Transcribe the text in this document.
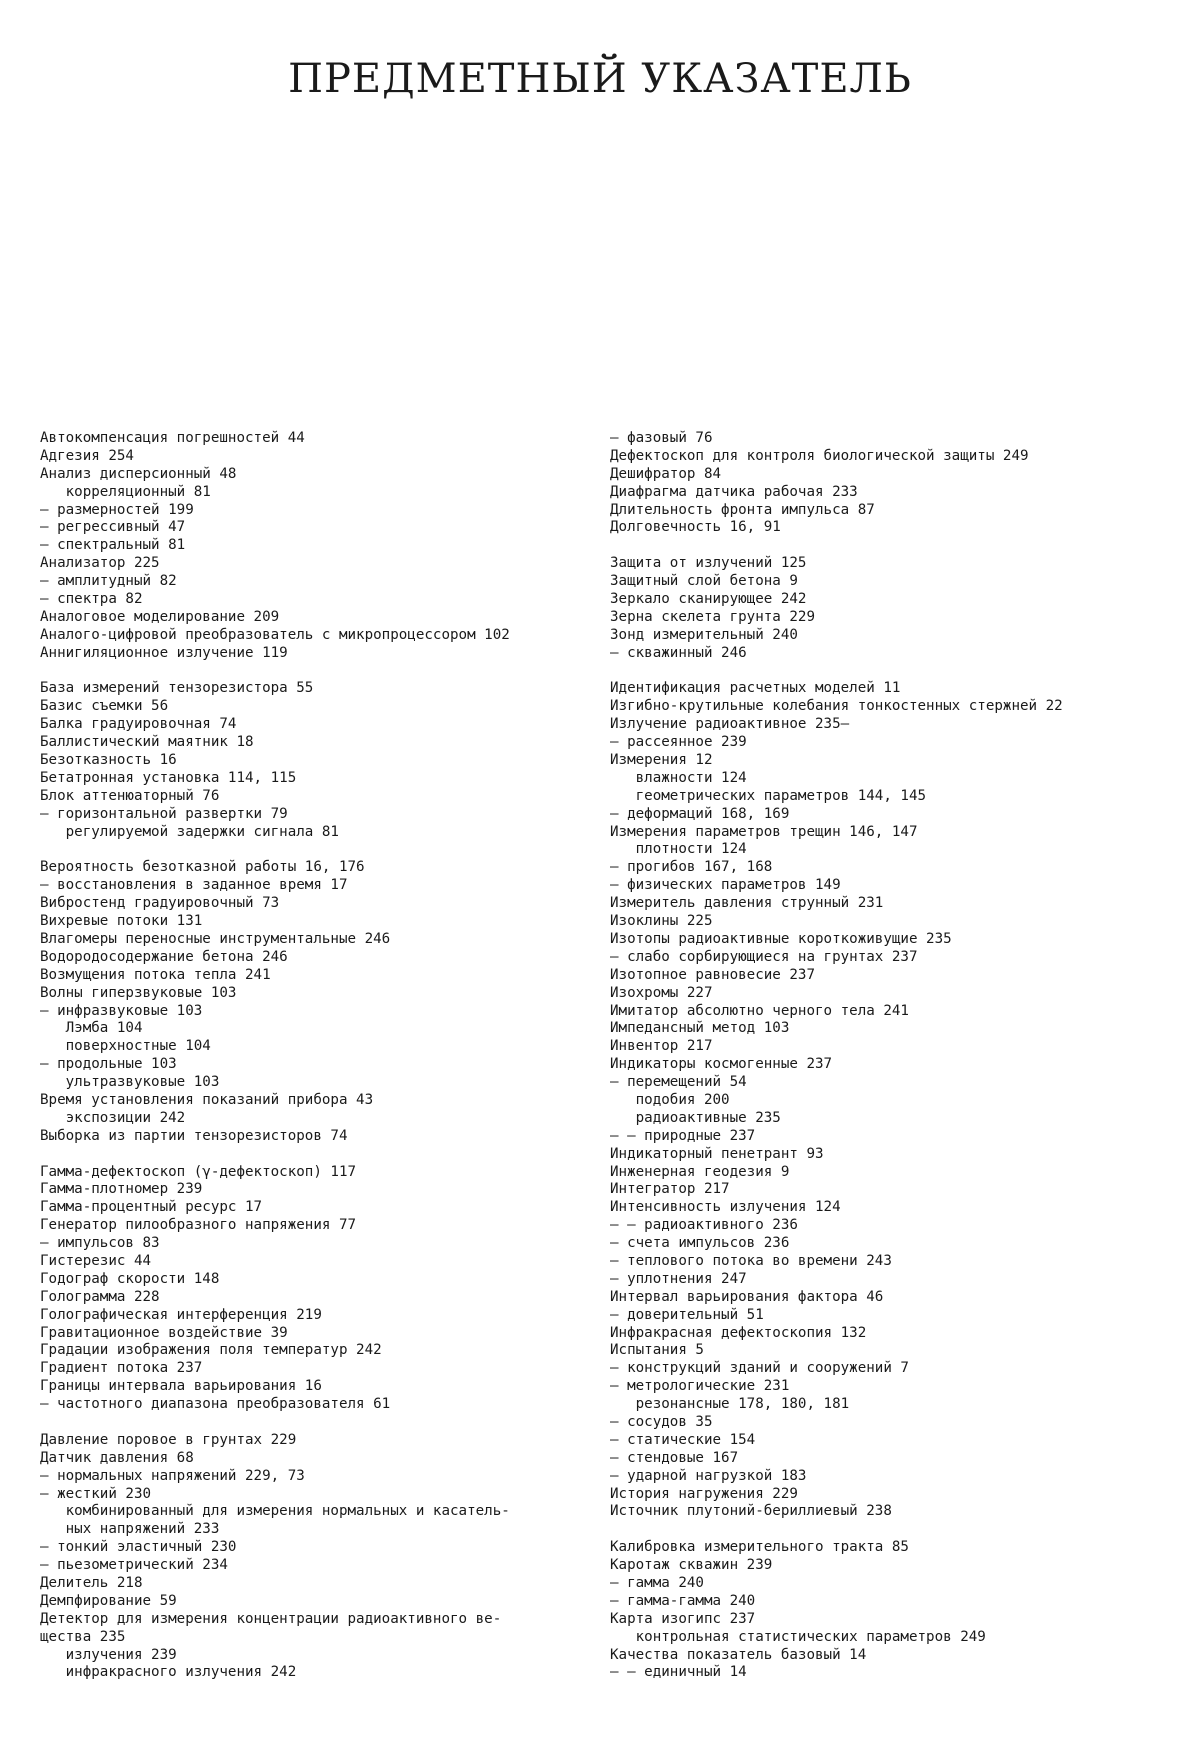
ПРЕДМЕТНЫЙ УКАЗАТЕЛЬ
Автокомпенсация погрешностей 44
Адгезия 254
Анализ дисперсионный 48
корреляционный 81
— размерностей 199
— регрессивный 47
— спектральный 81
Анализатор 225
— амплитудный 82
— спектра 82
Аналоговое моделирование 209
Аналого-цифровой преобразователь с микропроцессором 102
Аннигиляционное излучение 119
База измерений тензорезистора 55
Базис съемки 56
Балка градуировочная 74
Баллистический маятник 18
Безотказность 16
Бетатронная установка 114, 115
Блок аттенюаторный 76
— горизонтальной развертки 79
регулируемой задержки сигнала 81
Вероятность безотказной работы 16, 176
— восстановления в заданное время 17
Вибростенд градуировочный 73
Вихревые потоки 131
Влагомеры переносные инструментальные 246
Водородосодержание бетона 246
Возмущения потока тепла 241
Волны гиперзвуковые 103
— инфразвуковые 103
Лэмба 104
поверхностные 104
— продольные 103
ультразвуковые 103
Время установления показаний прибора 43
экспозиции 242
Выборка из партии тензорезисторов 74
Гамма-дефектоскоп (γ-дефектоскоп) 117
Гамма-плотномер 239
Гамма-процентный ресурс 17
Генератор пилообразного напряжения 77
— импульсов 83
Гистерезис 44
Годограф скорости 148
Голограмма 228
Голографическая интерференция 219
Гравитационное воздействие 39
Градации изображения поля температур 242
Градиент потока 237
Границы интервала варьирования 16
— частотного диапазона преобразователя 61
Давление поровое в грунтах 229
Датчик давления 68
— нормальных напряжений 229, 73
— жесткий 230
комбинированный для измерения нормальных и касатель-
ных напряжений 233
— тонкий эластичный 230
— пьезометрический 234
Делитель 218
Демпфирование 59
Детектор для измерения концентрации радиоактивного ве-
щества 235
излучения 239
инфракрасного излучения 242
— фазовый 76
Дефектоскоп для контроля биологической защиты 249
Дешифратор 84
Диафрагма датчика рабочая 233
Длительность фронта импульса 87
Долговечность 16, 91
Защита от излучений 125
Защитный слой бетона 9
Зеркало сканирующее 242
Зерна скелета грунта 229
Зонд измерительный 240
— скважинный 246
Идентификация расчетных моделей 11
Изгибно-крутильные колебания тонкостенных стержней 22
Излучение радиоактивное 235—
— рассеянное 239
Измерения 12
влажности 124
геометрических параметров 144, 145
— деформаций 168, 169
Измерения параметров трещин 146, 147
плотности 124
— прогибов 167, 168
— физических параметров 149
Измеритель давления струнный 231
Изоклины 225
Изотопы радиоактивные короткоживущие 235
— слабо сорбирующиеся на грунтах 237
Изотопное равновесие 237
Изохромы 227
Имитатор абсолютно черного тела 241
Импедансный метод 103
Инвентор 217
Индикаторы космогенные 237
— перемещений 54
подобия 200
радиоактивные 235
— — природные 237
Индикаторный пенетрант 93
Инженерная геодезия 9
Интегратор 217
Интенсивность излучения 124
— — радиоактивного 236
— счета импульсов 236
— теплового потока во времени 243
— уплотнения 247
Интервал варьирования фактора 46
— доверительный 51
Инфракрасная дефектоскопия 132
Испытания 5
— конструкций зданий и сооружений 7
— метрологические 231
резонансные 178, 180, 181
— сосудов 35
— статические 154
— стендовые 167
— ударной нагрузкой 183
История нагружения 229
Источник плутоний-бериллиевый 238
Калибровка измерительного тракта 85
Каротаж скважин 239
— гамма 240
— гамма-гамма 240
Карта изогипс 237
контрольная статистических параметров 249
Качества показатель базовый 14
— — единичный 14
